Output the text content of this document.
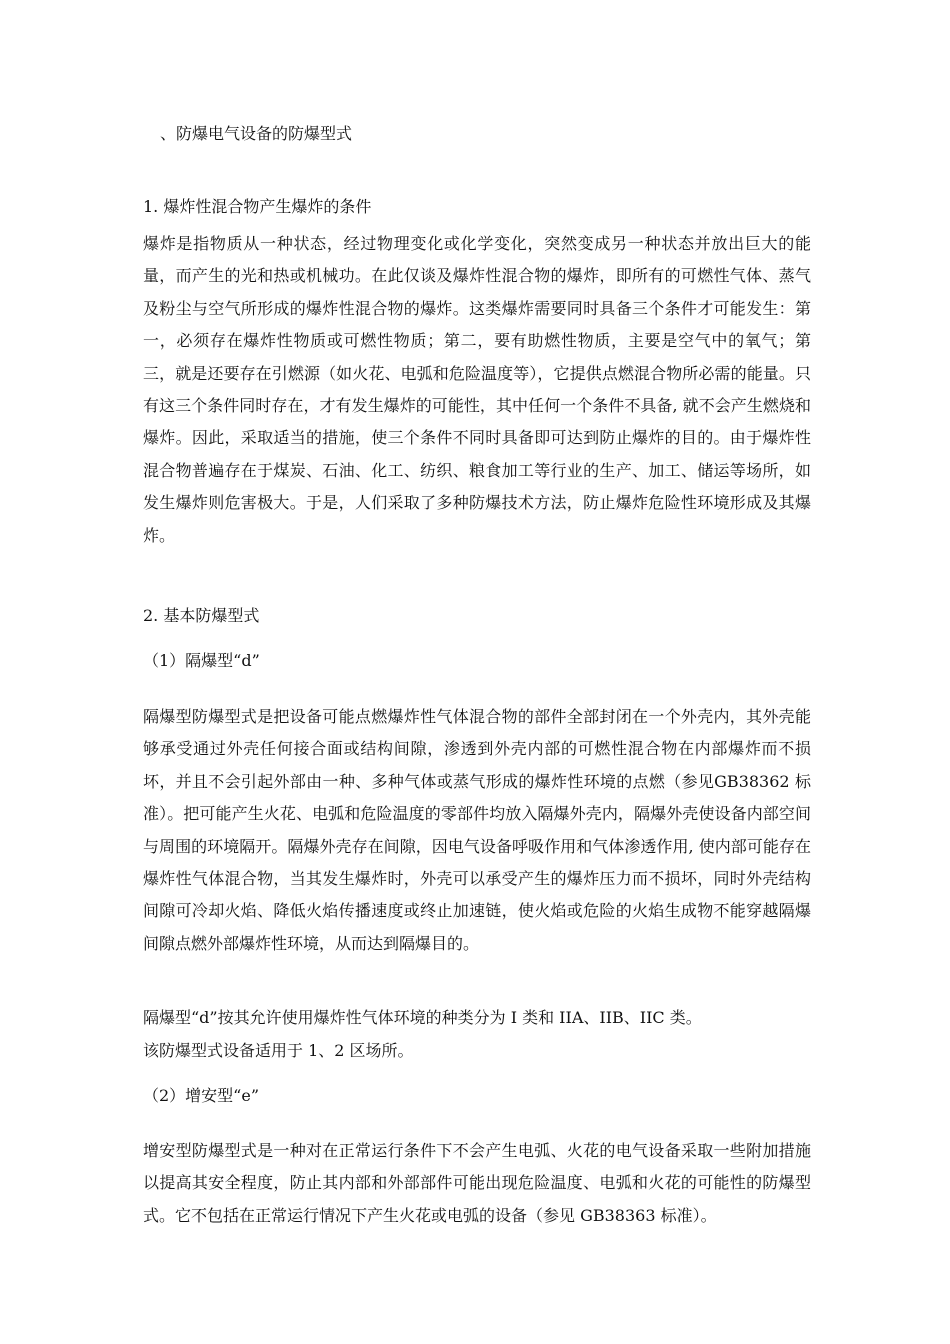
、防爆电气设备的防爆型式
1. 爆炸性混合物产生爆炸的条件
爆炸是指物质从一种状态，经过物理变化或化学变化，突然变成另一种状态并放出巨大的能量，而产生的光和热或机械功。在此仅谈及爆炸性混合物的爆炸，即所有的可燃性气体、蒸气及粉尘与空气所形成的爆炸性混合物的爆炸。这类爆炸需要同时具备三个条件才可能发生：第一，必须存在爆炸性物质或可燃性物质；第二，要有助燃性物质，主要是空气中的氧气；第三，就是还要存在引燃源（如火花、电弧和危险温度等），它提供点燃混合物所必需的能量。只有这三个条件同时存在，才有发生爆炸的可能性，其中任何一个条件不具备, 就不会产生燃烧和爆炸。因此，采取适当的措施，使三个条件不同时具备即可达到防止爆炸的目的。由于爆炸性混合物普遍存在于煤炭、石油、化工、纺织、粮食加工等行业的生产、加工、储运等场所，如发生爆炸则危害极大。于是，人们采取了多种防爆技术方法，防止爆炸危险性环境形成及其爆炸。
2. 基本防爆型式
（1）隔爆型“d”
隔爆型防爆型式是把设备可能点燃爆炸性气体混合物的部件全部封闭在一个外壳内，其外壳能够承受通过外壳任何接合面或结构间隙，渗透到外壳内部的可燃性混合物在内部爆炸而不损坏，并且不会引起外部由一种、多种气体或蒸气形成的爆炸性环境的点燃（参见GB38362 标准）。把可能产生火花、电弧和危险温度的零部件均放入隔爆外壳内，隔爆外壳使设备内部空间与周围的环境隔开。隔爆外壳存在间隙，因电气设备呼吸作用和气体渗透作用, 使内部可能存在爆炸性气体混合物，当其发生爆炸时，外壳可以承受产生的爆炸压力而不损坏，同时外壳结构间隙可冷却火焰、降低火焰传播速度或终止加速链，使火焰或危险的火焰生成物不能穿越隔爆间隙点燃外部爆炸性环境，从而达到隔爆目的。
隔爆型“d”按其允许使用爆炸性气体环境的种类分为 I 类和 IIA、IIB、IIC 类。
该防爆型式设备适用于 1、2 区场所。
（2）增安型“e”
增安型防爆型式是一种对在正常运行条件下不会产生电弧、火花的电气设备采取一些附加措施以提高其安全程度，防止其内部和外部部件可能出现危险温度、电弧和火花的可能性的防爆型式。它不包括在正常运行情况下产生火花或电弧的设备（参见 GB38363 标准）。
